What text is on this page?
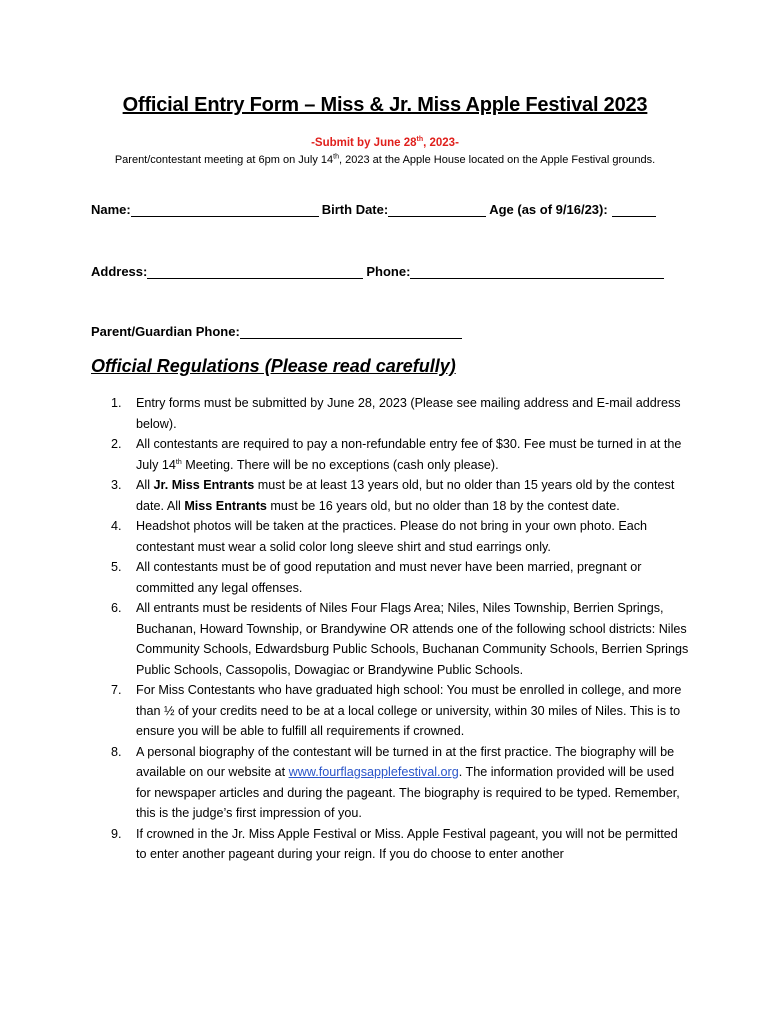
Official Entry Form – Miss & Jr. Miss Apple Festival 2023
-Submit by June 28th, 2023-
Parent/contestant meeting at 6pm on July 14th, 2023 at the Apple House located on the Apple Festival grounds.
Name:	Birth Date:	Age (as of 9/16/23):
Address:	Phone:
Parent/Guardian Phone:
Official Regulations (Please read carefully)
1. Entry forms must be submitted by June 28, 2023 (Please see mailing address and E-mail address below).
2. All contestants are required to pay a non-refundable entry fee of $30. Fee must be turned in at the July 14th Meeting. There will be no exceptions (cash only please).
3. All Jr. Miss Entrants must be at least 13 years old, but no older than 15 years old by the contest date. All Miss Entrants must be 16 years old, but no older than 18 by the contest date.
4. Headshot photos will be taken at the practices. Please do not bring in your own photo. Each contestant must wear a solid color long sleeve shirt and stud earrings only.
5. All contestants must be of good reputation and must never have been married, pregnant or committed any legal offenses.
6. All entrants must be residents of Niles Four Flags Area; Niles, Niles Township, Berrien Springs, Buchanan, Howard Township, or Brandywine OR attends one of the following school districts: Niles Community Schools, Edwardsburg Public Schools, Buchanan Community Schools, Berrien Springs Public Schools, Cassopolis, Dowagiac or Brandywine Public Schools.
7. For Miss Contestants who have graduated high school: You must be enrolled in college, and more than ½ of your credits need to be at a local college or university, within 30 miles of Niles. This is to ensure you will be able to fulfill all requirements if crowned.
8. A personal biography of the contestant will be turned in at the first practice. The biography will be available on our website at www.fourflagsapplefestival.org. The information provided will be used for newspaper articles and during the pageant. The biography is required to be typed. Remember, this is the judge’s first impression of you.
9. If crowned in the Jr. Miss Apple Festival or Miss. Apple Festival pageant, you will not be permitted to enter another pageant during your reign. If you do choose to enter another
